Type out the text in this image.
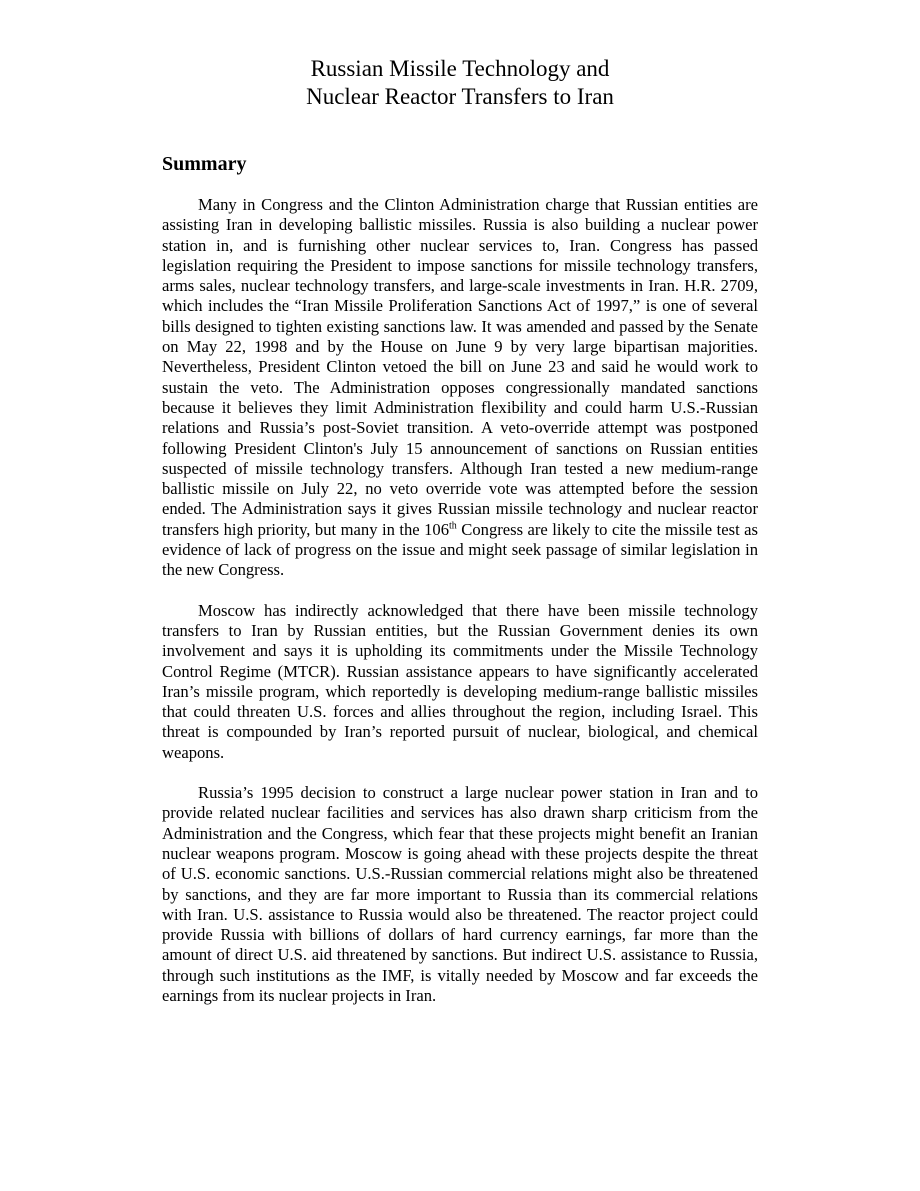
Russian Missile Technology and
Nuclear Reactor Transfers to Iran
Summary

Many in Congress and the Clinton Administration charge that Russian entities are assisting Iran in developing ballistic missiles. Russia is also building a nuclear power station in, and is furnishing other nuclear services to, Iran. Congress has passed legislation requiring the President to impose sanctions for missile technology transfers, arms sales, nuclear technology transfers, and large-scale investments in Iran. H.R. 2709, which includes the “Iran Missile Proliferation Sanctions Act of 1997,” is one of several bills designed to tighten existing sanctions law. It was amended and passed by the Senate on May 22, 1998 and by the House on June 9 by very large bipartisan majorities. Nevertheless, President Clinton vetoed the bill on June 23 and said he would work to sustain the veto. The Administration opposes congressionally mandated sanctions because it believes they limit Administration flexibility and could harm U.S.-Russian relations and Russia’s post-Soviet transition. A veto-override attempt was postponed following President Clinton's July 15 announcement of sanctions on Russian entities suspected of missile technology transfers. Although Iran tested a new medium-range ballistic missile on July 22, no veto override vote was attempted before the session ended. The Administration says it gives Russian missile technology and nuclear reactor transfers high priority, but many in the 106th Congress are likely to cite the missile test as evidence of lack of progress on the issue and might seek passage of similar legislation in the new Congress.

Moscow has indirectly acknowledged that there have been missile technology transfers to Iran by Russian entities, but the Russian Government denies its own involvement and says it is upholding its commitments under the Missile Technology Control Regime (MTCR). Russian assistance appears to have significantly accelerated Iran’s missile program, which reportedly is developing medium-range ballistic missiles that could threaten U.S. forces and allies throughout the region, including Israel. This threat is compounded by Iran’s reported pursuit of nuclear, biological, and chemical weapons.

Russia’s 1995 decision to construct a large nuclear power station in Iran and to provide related nuclear facilities and services has also drawn sharp criticism from the Administration and the Congress, which fear that these projects might benefit an Iranian nuclear weapons program. Moscow is going ahead with these projects despite the threat of U.S. economic sanctions. U.S.-Russian commercial relations might also be threatened by sanctions, and they are far more important to Russia than its commercial relations with Iran. U.S. assistance to Russia would also be threatened. The reactor project could provide Russia with billions of dollars of hard currency earnings, far more than the amount of direct U.S. aid threatened by sanctions. But indirect U.S. assistance to Russia, through such institutions as the IMF, is vitally needed by Moscow and far exceeds the earnings from its nuclear projects in Iran.
